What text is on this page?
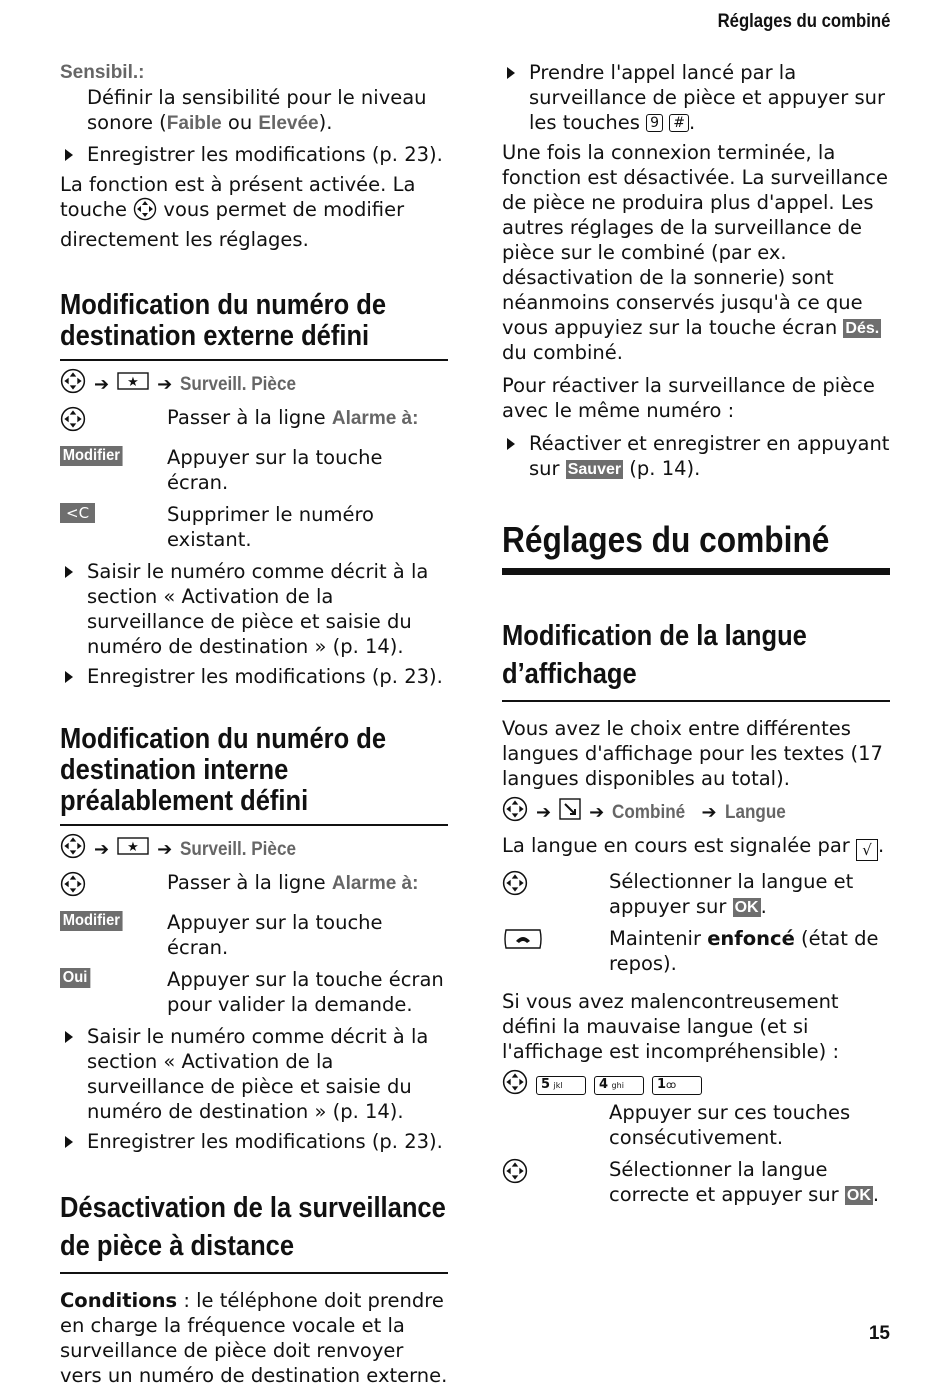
Réglages du combiné
Sensibil.:

Définir la sensibilité pour le niveau sonore (Faible ou Elevée).

Enregistrer les modifications (p. 23).

La fonction est à présent activée. La touche  vous permet de modifier directement les réglages.

Modification du numéro de
destination externe défini
➔ ★ ➔ Surveill. Pièce
Passer à la ligne Alarme à:
Modifier Appuyer sur la touche écran.
<C	Supprimer le numéro existant.
Saisir le numéro comme décrit à la section « Activation de la surveillance de pièce et saisie du numéro de destination » (p. 14).
Enregistrer les modifications (p. 23).
Modification du numéro de
destination interne
préalablement défini
➔ ★ ➔ Surveill. Pièce
Passer à la ligne Alarme à:
Modifier Appuyer sur la touche écran.
Oui	Appuyer sur la touche écran pour valider la demande.
Saisir le numéro comme décrit à la section « Activation de la surveillance de pièce et saisie du numéro de destination » (p. 14).
Enregistrer les modifications (p. 23).
Désactivation de la surveillance
de pièce à distance

Conditions : le téléphone doit prendre en charge la fréquence vocale et la surveillance de pièce doit renvoyer vers un numéro de destination externe.

Prendre l'appel lancé par la surveillance de pièce et appuyer sur les touches 9 # .

Une fois la connexion terminée, la fonction est désactivée. La surveillance de pièce ne produira plus d'appel. Les autres réglages de la surveillance de pièce sur le combiné (par ex. désactivation de la sonnerie) sont néanmoins conservés jusqu'à ce que vous appuyiez sur la touche écran Dés. du combiné.

Pour réactiver la surveillance de pièce avec le même numéro :

Réactiver et enregistrer en appuyant sur Sauver (p. 14).
Réglages du combiné
Modification de la langue
d’affichage

Vous avez le choix entre différentes langues d'affichage pour les textes (17 langues disponibles au total).

➔ ➔ Combiné ➔ Langue

La langue en cours est signalée par √ .

Sélectionner la langue et appuyer sur OK .
Maintenir enfoncé (état de repos).

Si vous avez malencontreusement défini la mauvaise langue (et si l'affichage est incompréhensible) :

5 jkl	4 ghi	1ꝏ
Appuyer sur ces touches consécutivement.
Sélectionner la langue correcte et appuyer sur OK .
15
